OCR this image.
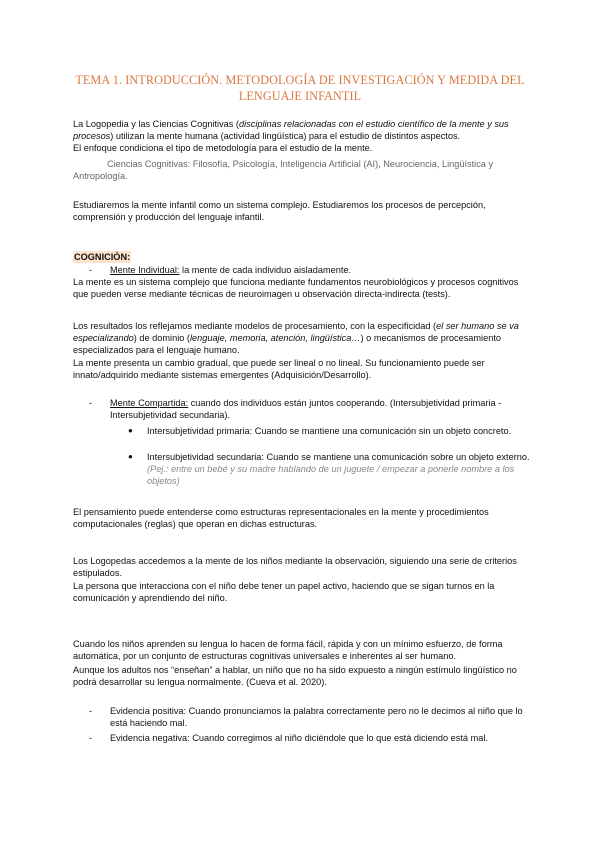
TEMA 1. INTRODUCCIÓN. METODOLOGÍA DE INVESTIGACIÓN Y MEDIDA DEL LENGUAJE INFANTIL
La Logopedia y las Ciencias Cognitivas (disciplinas relacionadas con el estudio científico de la mente y sus procesos) utilizan la mente humana (actividad lingüística) para el estudio de distintos aspectos.
El enfoque condiciona el tipo de metodología para el estudio de la mente.
Ciencias Cognitivas: Filosofía, Psicología, Inteligencia Artificial (AI), Neurociencia, Lingüística y Antropología.
Estudiaremos la mente infantil como un sistema complejo. Estudiaremos los procesos de percepción, comprensión y producción del lenguaje infantil.
COGNICIÓN:
- Mente Individual: la mente de cada individuo aisladamente.
La mente es un sistema complejo que funciona mediante fundamentos neurobiológicos y procesos cognitivos que pueden verse mediante técnicas de neuroimagen u observación directa-indirecta (tests).
Los resultados los reflejamos mediante modelos de procesamiento, con la especificidad (el ser humano se va especializando) de dominio (lenguaje, memoria, atención, lingüística…) o mecanismos de procesamiento especializados para el lenguaje humano.
La mente presenta un cambio gradual, que puede ser lineal o no lineal. Su funcionamiento puede ser innato/adquirido mediante sistemas emergentes (Adquisición/Desarrollo).
- Mente Compartida: cuando dos individuos están juntos cooperando. (Intersubjetividad primaria - Intersubjetividad secundaria).
● Intersubjetividad primaria: Cuando se mantiene una comunicación sin un objeto concreto.
● Intersubjetividad secundaria: Cuando se mantiene una comunicación sobre un objeto externo. (Pej.: entre un bebé y su madre hablando de un juguete / empezar a ponerle nombre a los objetos)
El pensamiento puede entenderse como estructuras representacionales en la mente y procedimientos computacionales (reglas) que operan en dichas estructuras.
Los Logopedas accedemos a la mente de los niños mediante la observación, siguiendo una serie de criterios estipulados.
La persona que interacciona con el niño debe tener un papel activo, haciendo que se sigan turnos en la comunicación y aprendiendo del niño.
Cuando los niños aprenden su lengua lo hacen de forma fácil, rápida y con un mínimo esfuerzo, de forma automática, por un conjunto de estructuras cognitivas universales e inherentes al ser humano.
Aunque los adultos nos “enseñan” a hablar, un niño que no ha sido expuesto a ningún estímulo lingüístico no podrá desarrollar su lengua normalmente. (Cueva et al. 2020).
- Evidencia positiva: Cuando pronunciamos la palabra correctamente pero no le decimos al niño que lo está haciendo mal.
- Evidencia negativa: Cuando corregimos al niño diciéndole que lo que está diciendo está mal.
